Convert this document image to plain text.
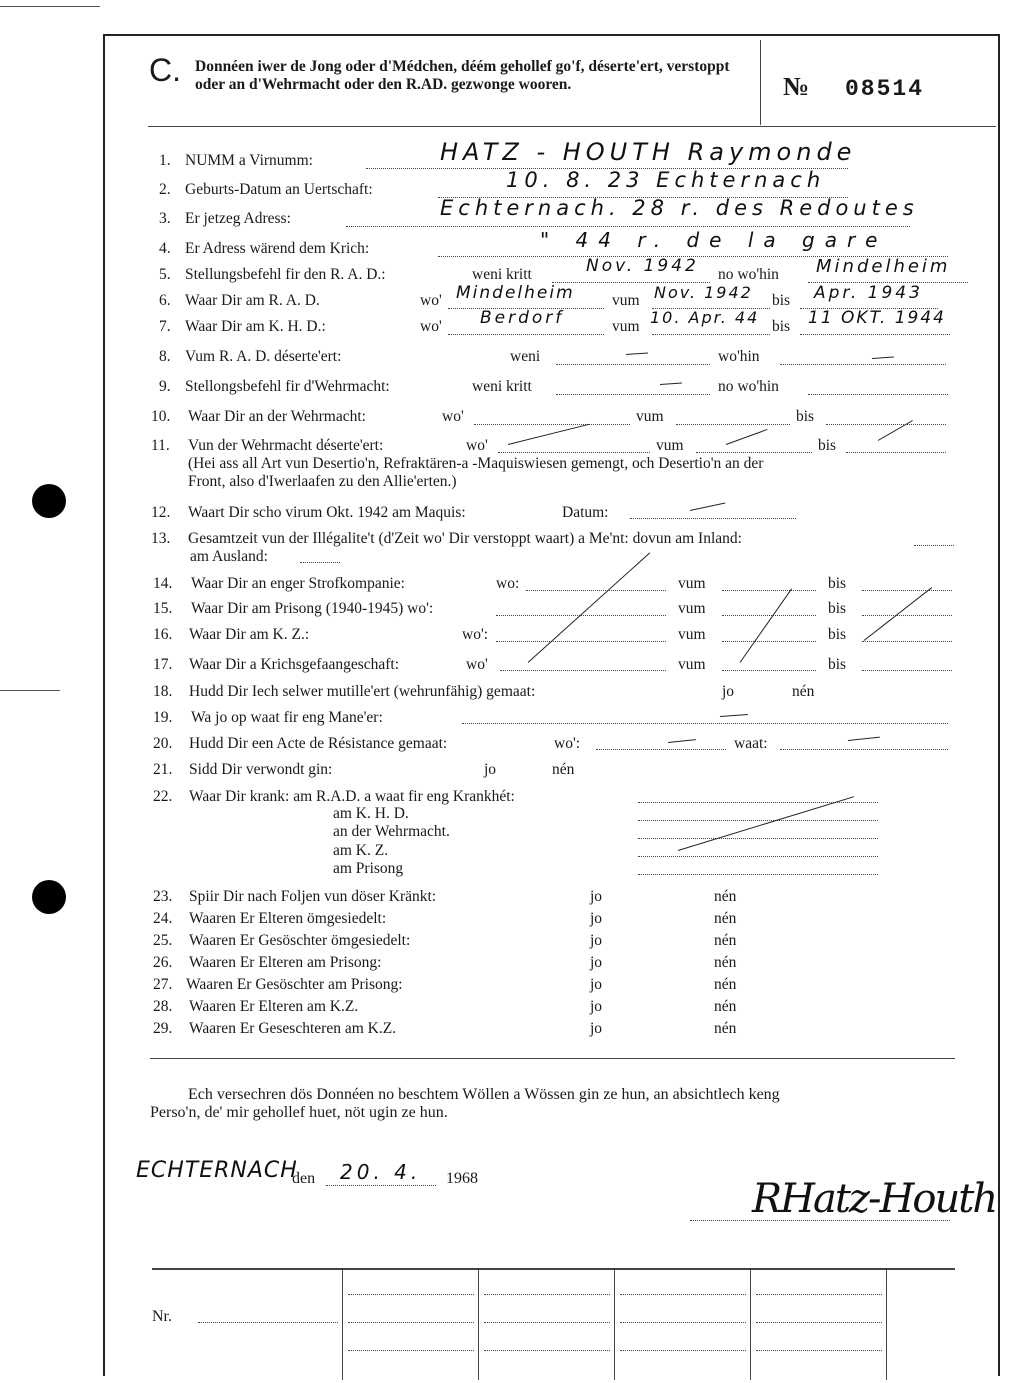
C. Donnéen iwer de Jong oder d'Médchen, déém gehollef go'f, déserte'ert, verstoppt oder an d'Wehrmacht oder den R.AD. gezwonge wooren.	№ 08514
1. NUMM a Virnumm:	HATZ - HOUTH Raymonde
2. Geburts-Datum an Uertschaft:	10. 8. 23 Echternach
3. Er jetzeg Adress:	Echternach. 28 r. des Redoutes
4. Er Adress wärend dem Krich:	" 44 r. de la gare
5. Stellungsbefehl fir den R. A. D.:	weni kritt	Nov. 1942 no wo'hin Mindelheim
6. Waar Dir am R. A. D.	wo' Mindelheim vum Nov. 1942 bis Apr. 1943
7. Waar Dir am K. H. D.:	wo' Berdorf	vum 10. Apr. 44 bis 11 OKT. 1944
8. Vum R. A. D. déserte'ert:	weni	wo'hin
9. Stellongsbefehl fir d'Wehrmacht:	weni kritt	no wo'hin
10. Waar Dir an der Wehrmacht:	wo'	vum	bis
11. Vun der Wehrmacht déserte'ert:	wo'	vum	bis
(Hei ass all Art vun Desertio'n, Refraktären-a -Maquiswiesen gemengt, och Desertio'n an der
Front, also d'Iwerlaafen zu den Allie'erten.)
12. Waart Dir scho virum Okt. 1942 am Maquis:	Datum:
13. Gesamtzeit vun der Illégalite't (d'Zeit wo' Dir verstoppt waart) a Me'nt: dovun am Inland:
am Ausland:
14. Waar Dir an enger Strofkompanie:	wo:	vum	bis
15. Waar Dir am Prisong (1940-1945) wo':	vum	bis
16. Waar Dir am K. Z.:	wo':	vum	bis
17. Waar Dir a Krichsgefaangeschaft:	wo'	vum	bis
18. Hudd Dir Iech selwer mutille'ert (wehrunfähig) gemaat:	jo	nén
19. Wa jo op waat fir eng Mane'er:
20. Hudd Dir een Acte de Résistance gemaat:	wo':	waat:
21. Sidd Dir verwondt gin:	jo	nén
22. Waar Dir krank: am R.A.D. a waat fir eng Krankhét:
am K. H. D.
an der Wehrmacht.
am K. Z.
am Prisong
23. Spiir Dir nach Foljen vun döser Kränkt:	jo	nén
24. Waaren Er Elteren ömgesiedelt:	jo	nén
25. Waaren Er Gesöschter ömgesiedelt:	jo	nén
26. Waaren Er Elteren am Prisong:	jo	nén
27. Waaren Er Gesöschter am Prisong:	jo	nén
28. Waaren Er Elteren am K.Z.	jo	nén
29. Waaren Er Geseschteren am K.Z.	jo	nén
Ech versechren dös Donnéen no beschtem Wöllen a Wössen gin ze hun, an absichtlech keng
Perso'n, de' mir gehollef huet, nöt ugin ze hun.
ECHTERNACH
den 20. 4. 1968	RHatz-Houth
Nr.
